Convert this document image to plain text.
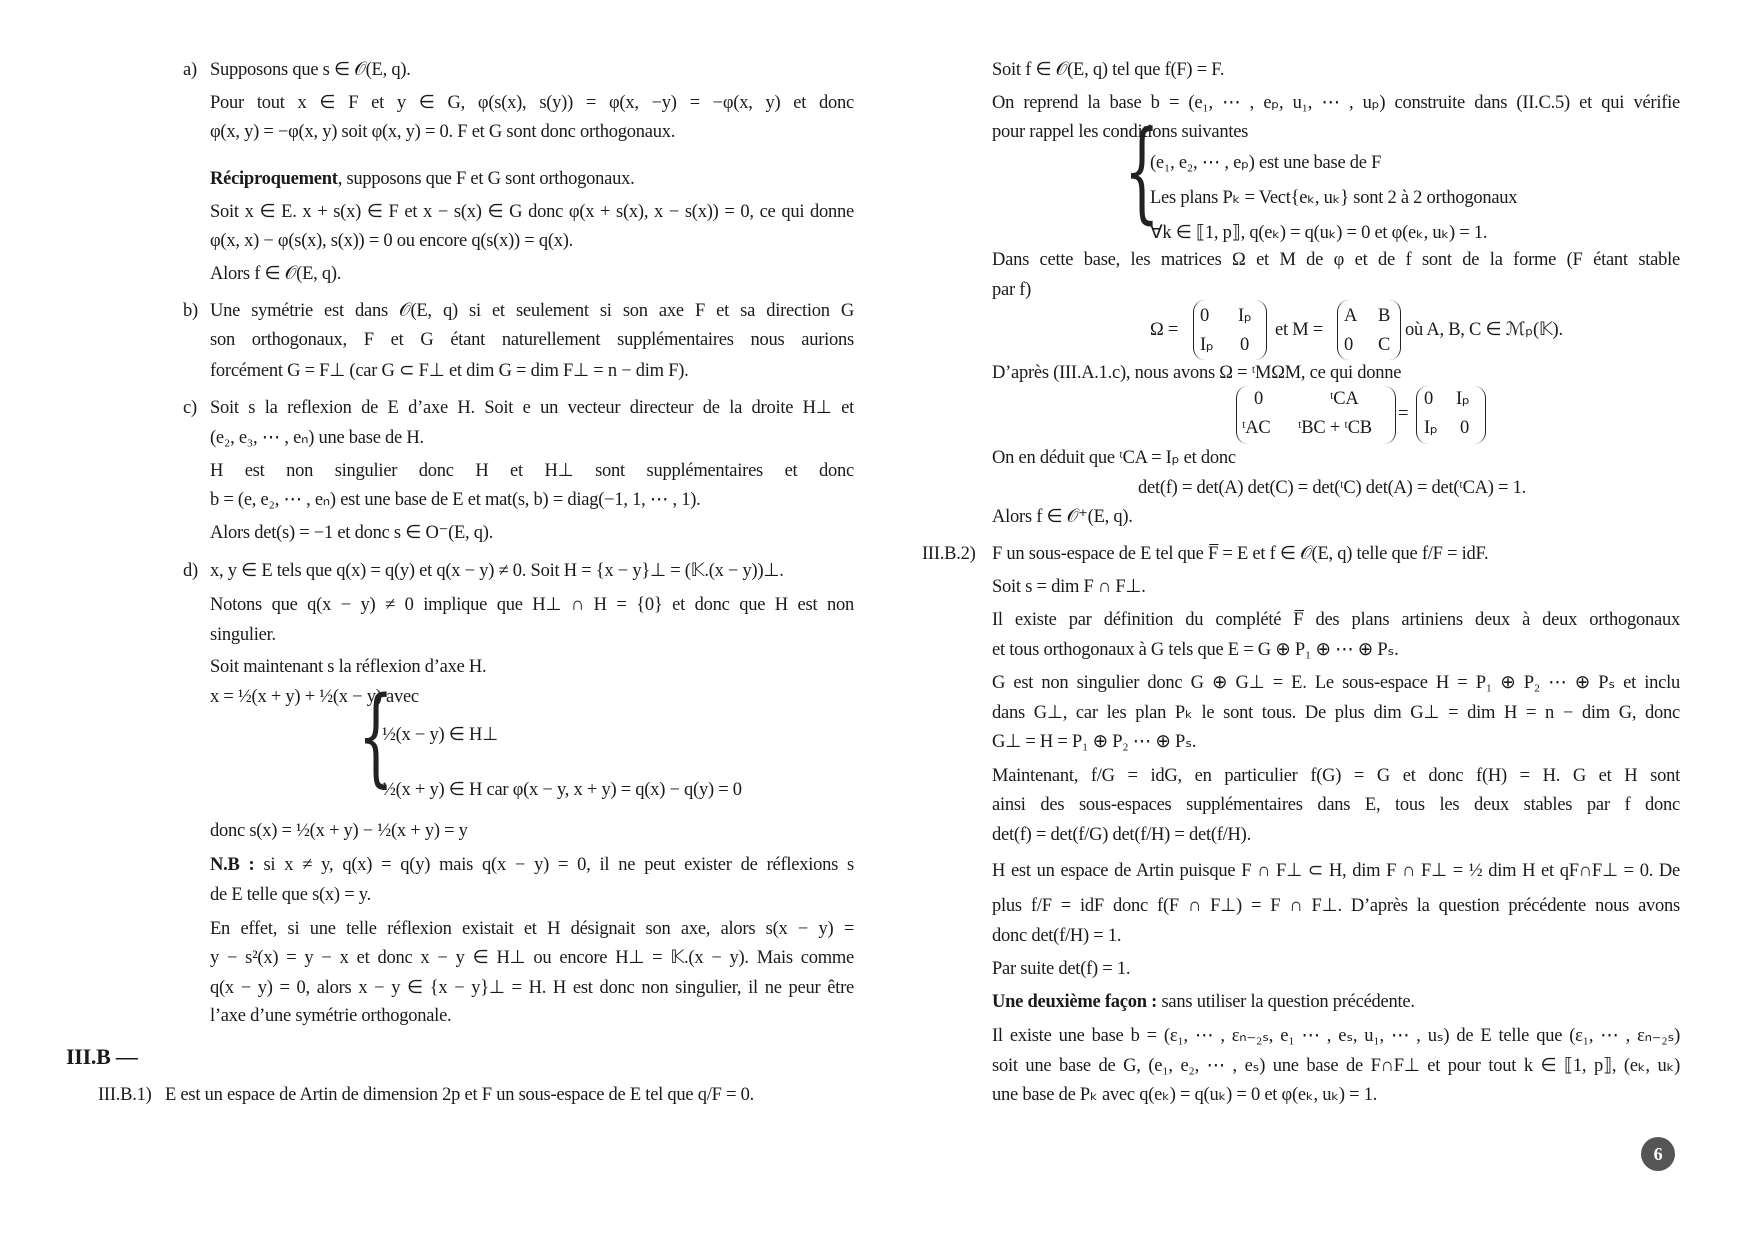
III.B —
6
Supposons que s ∈ 𝒪(E, q).
Pour tout x ∈ F et y ∈ G, φ(s(x), s(y)) = φ(x, −y) = −φ(x, y) et donc
φ(x, y) = −φ(x, y) soit φ(x, y) = 0. F et G sont donc orthogonaux.
Réciproquement, supposons que F et G sont orthogonaux.
Soit x ∈ E. x + s(x) ∈ F et x − s(x) ∈ G donc φ(x + s(x), x − s(x)) = 0, ce qui donne
φ(x, x) − φ(s(x), s(x)) = 0 ou encore q(s(x)) = q(x).
Alors f ∈ 𝒪(E, q).
Une symétrie est dans 𝒪(E, q) si et seulement si son axe F et sa direction G
son orthogonaux, F et G étant naturellement supplémentaires nous aurions
forcément G = F⊥ (car G ⊂ F⊥ et dim G = dim F⊥ = n − dim F).
Soit s la reflexion de E d’axe H. Soit e un vecteur directeur de la droite H⊥ et
(e₂, e₃, ⋯ , eₙ) une base de H.
H est non singulier donc H et H⊥ sont supplémentaires et donc
b = (e, e₂, ⋯ , eₙ) est une base de E et mat(s, b) = diag(−1, 1, ⋯ , 1).
Alors det(s) = −1 et donc s ∈ O⁻(E, q).
x, y ∈ E tels que q(x) = q(y) et q(x − y) ≠ 0. Soit H = {x − y}⊥ = (𝕂.(x − y))⊥.
Notons que q(x − y) ≠ 0 implique que H⊥ ∩ H = {0} et donc que H est non
singulier.
Soit maintenant s la réflexion d’axe H.
x = ½(x + y) + ½(x − y) avec
½(x − y) ∈ H⊥
½(x + y) ∈ H car φ(x − y, x + y) = q(x) − q(y) = 0
donc s(x) = ½(x + y) − ½(x + y) = y
N.B : si x ≠ y, q(x) = q(y) mais q(x − y) = 0, il ne peut exister de réflexions s
de E telle que s(x) = y.
En effet, si une telle réflexion existait et H désignait son axe, alors s(x − y) =
y − s²(x) = y − x et donc x − y ∈ H⊥ ou encore H⊥ = 𝕂.(x − y). Mais comme
q(x − y) = 0, alors x − y ∈ {x − y}⊥ = H. H est donc non singulier, il ne peur être
l’axe d’une symétrie orthogonale.
E est un espace de Artin de dimension 2p et F un sous-espace de E tel que q/F = 0.
Soit f ∈ 𝒪(E, q) tel que f(F) = F.
On reprend la base b = (e₁, ⋯ , eₚ, u₁, ⋯ , uₚ) construite dans (II.C.5) et qui vérifie
pour rappel les conditions suivantes
(e₁, e₂, ⋯ , eₚ) est une base de F
Les plans Pₖ = Vect{eₖ, uₖ} sont 2 à 2 orthogonaux
∀k ∈ ⟦1, p⟧, q(eₖ) = q(uₖ) = 0 et φ(eₖ, uₖ) = 1.
Dans cette base, les matrices Ω et M de φ et de f sont de la forme (F étant stable
par f)
D’après (III.A.1.c), nous avons Ω = ᵗMΩM, ce qui donne
On en déduit que ᵗCA = Iₚ et donc
det(f) = det(A) det(C) = det(ᵗC) det(A) = det(ᵗCA) = 1.
Alors f ∈ 𝒪⁺(E, q).
F un sous-espace de E tel que F̅ = E et f ∈ 𝒪(E, q) telle que f/F = idF.
Soit s = dim F ∩ F⊥.
Il existe par définition du complété F̅ des plans artiniens deux à deux orthogonaux
et tous orthogonaux à G tels que E = G ⊕ P₁ ⊕ ⋯ ⊕ Pₛ.
G est non singulier donc G ⊕ G⊥ = E. Le sous-espace H = P₁ ⊕ P₂ ⋯ ⊕ Pₛ et inclu
dans G⊥, car les plan Pₖ le sont tous. De plus dim G⊥ = dim H = n − dim G, donc
G⊥ = H = P₁ ⊕ P₂ ⋯ ⊕ Pₛ.
Maintenant, f/G = idG, en particulier f(G) = G et donc f(H) = H. G et H sont
ainsi des sous-espaces supplémentaires dans E, tous les deux stables par f donc
det(f) = det(f/G) det(f/H) = det(f/H).
H est un espace de Artin puisque F ∩ F⊥ ⊂ H, dim F ∩ F⊥ = ½ dim H et qF∩F⊥ = 0. De
plus f/F = idF donc f(F ∩ F⊥) = F ∩ F⊥. D’après la question précédente nous avons
donc det(f/H) = 1.
Par suite det(f) = 1.
Une deuxième façon : sans utiliser la question précédente.
Il existe une base b = (ε₁, ⋯ , εₙ₋₂ₛ, e₁ ⋯ , eₛ, u₁, ⋯ , uₛ) de E telle que (ε₁, ⋯ , εₙ₋₂ₛ)
soit une base de G, (e₁, e₂, ⋯ , eₛ) une base de F∩F⊥ et pour tout k ∈ ⟦1, p⟧, (eₖ, uₖ)
une base de Pₖ avec q(eₖ) = q(uₖ) = 0 et φ(eₖ, uₖ) = 1.
a)
b)
c)
d)
III.B.1)
III.B.2)
{
{
Ω =
0 Iₚ
Iₚ 0
et M =
A B
0 C
où A, B, C ∈ ℳₚ(𝕂).
0	ᵗCA
ᵗAC ᵗBC + ᵗCB
=
0 Iₚ
Iₚ 0
